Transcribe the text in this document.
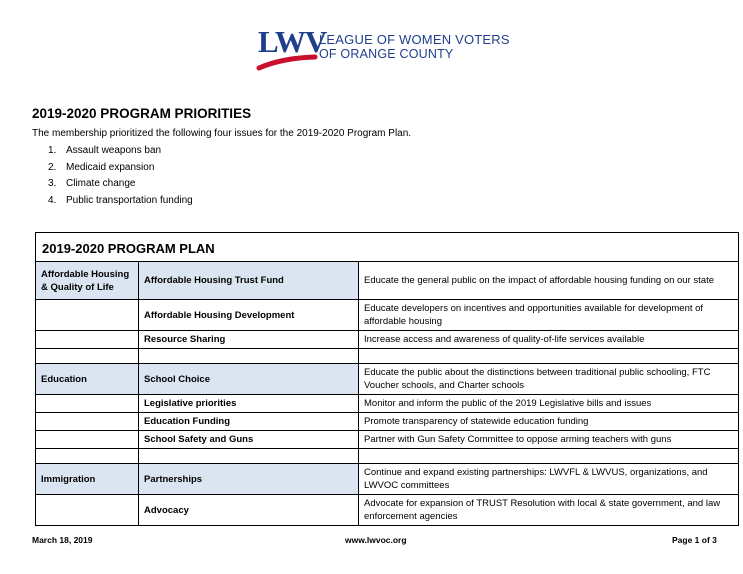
LWV
LEAGUE OF WOMEN VOTERS
OF ORANGE COUNTY
2019-2020 PROGRAM PRIORITIES
The membership prioritized the following four issues for the 2019-2020 Program Plan.
1. Assault weapons ban
2. Medicaid expansion
3. Climate change
4. Public transportation funding
2019-2020 PROGRAM PLAN		
Affordable Housing & Quality of Life	Affordable Housing Trust Fund	Educate the general public on the impact of affordable housing funding on our state
	Affordable Housing Development	Educate developers on incentives and opportunities available for development of affordable housing
	Resource Sharing	Increase access and awareness of quality-of-life services available

Education	School Choice	Educate the public about the distinctions between traditional public schooling, FTC Voucher schools, and Charter schools
	Legislative priorities	Monitor and inform the public of the 2019 Legislative bills and issues
	Education Funding	Promote transparency of statewide education funding
	School Safety and Guns	Partner with Gun Safety Committee to oppose arming teachers with guns

Immigration	Partnerships	Continue and expand existing partnerships: LWVFL & LWVUS, organizations, and LWVOC committees
	Advocacy	Advocate for expansion of TRUST Resolution with local & state government, and law enforcement agencies
March 18, 2019	www.lwvoc.org	Page 1 of 3
